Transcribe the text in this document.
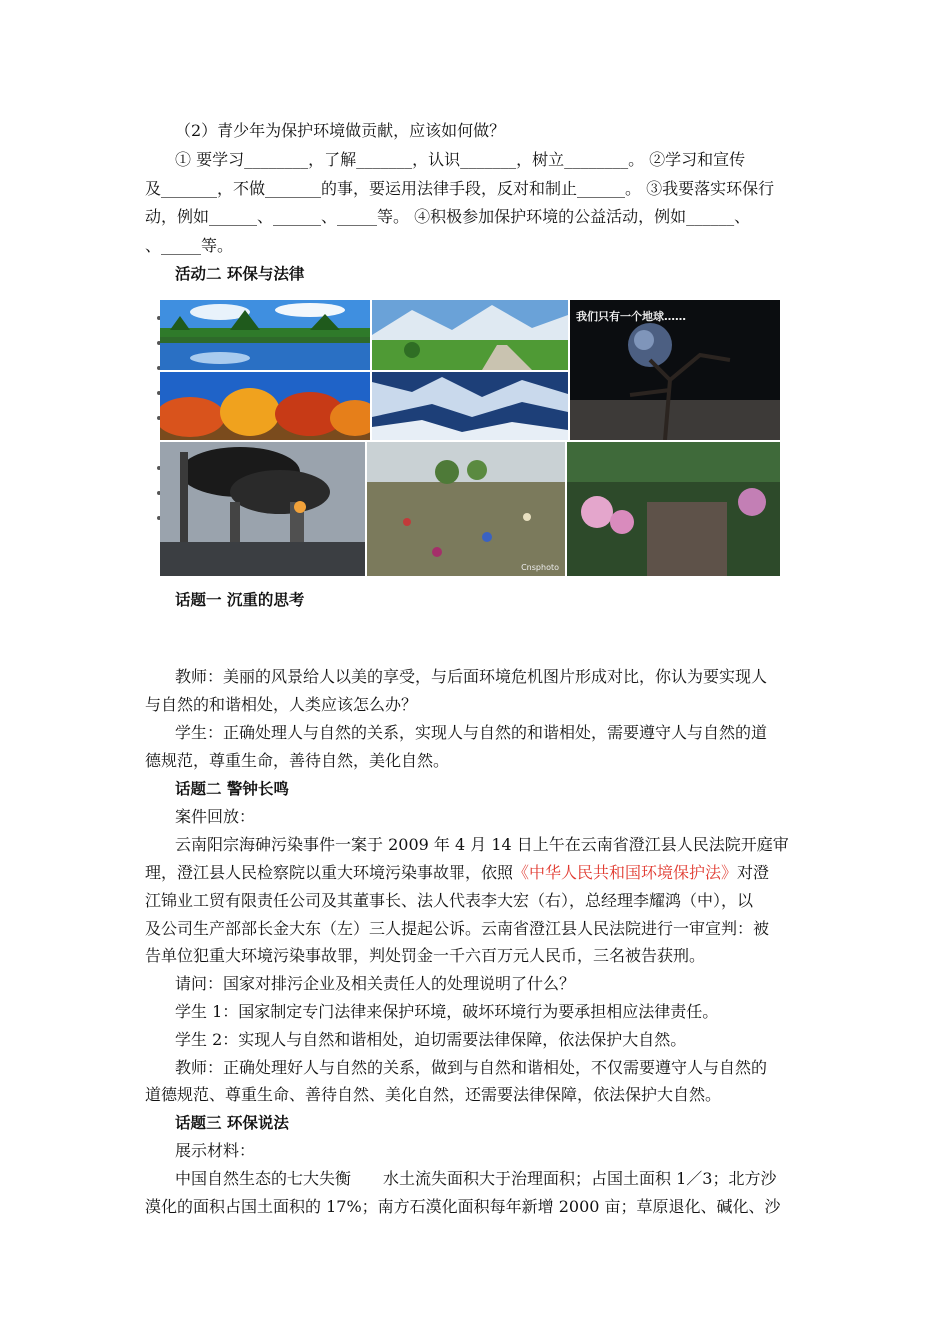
（2）青少年为保护环境做贡献，应该如何做？
① 要学习________，了解_______，认识_______，树立________。 ②学习和宣传
及_______，不做_______的事，要运用法律手段，反对和制止______。 ③我要落实环保行
动，例如______、______、_____等。 ④积极参加保护环境的公益活动，例如______、
、_____等。
活动二 环保与法律
我们只有一个地球……
Cnsphoto
话题一 沉重的思考
教师：美丽的风景给人以美的享受，与后面环境危机图片形成对比，你认为要实现人
与自然的和谐相处，人类应该怎么办？
学生：正确处理人与自然的关系，实现人与自然的和谐相处，需要遵守人与自然的道
德规范，尊重生命，善待自然，美化自然。
话题二 警钟长鸣
案件回放：
云南阳宗海砷污染事件一案于 2009 年 4 月 14 日上午在云南省澄江县人民法院开庭审
理，澄江县人民检察院以重大环境污染事故罪，依照《中华人民共和国环境保护法》对澄
江锦业工贸有限责任公司及其董事长、法人代表李大宏（右），总经理李耀鸿（中），以
及公司生产部部长金大东（左）三人提起公诉。云南省澄江县人民法院进行一审宣判：被
告单位犯重大环境污染事故罪，判处罚金一千六百万元人民币，三名被告获刑。
请问：国家对排污企业及相关责任人的处理说明了什么？
学生 1：国家制定专门法律来保护环境，破坏环境行为要承担相应法律责任。
学生 2：实现人与自然和谐相处，迫切需要法律保障，依法保护大自然。
教师：正确处理好人与自然的关系，做到与自然和谐相处，不仅需要遵守人与自然的
道德规范、尊重生命、善待自然、美化自然，还需要法律保障，依法保护大自然。
话题三 环保说法
展示材料：
中国自然生态的七大失衡　　水土流失面积大于治理面积；占国土面积 1／3；北方沙
漠化的面积占国土面积的 17%；南方石漠化面积每年新增 2000 亩；草原退化、碱化、沙
